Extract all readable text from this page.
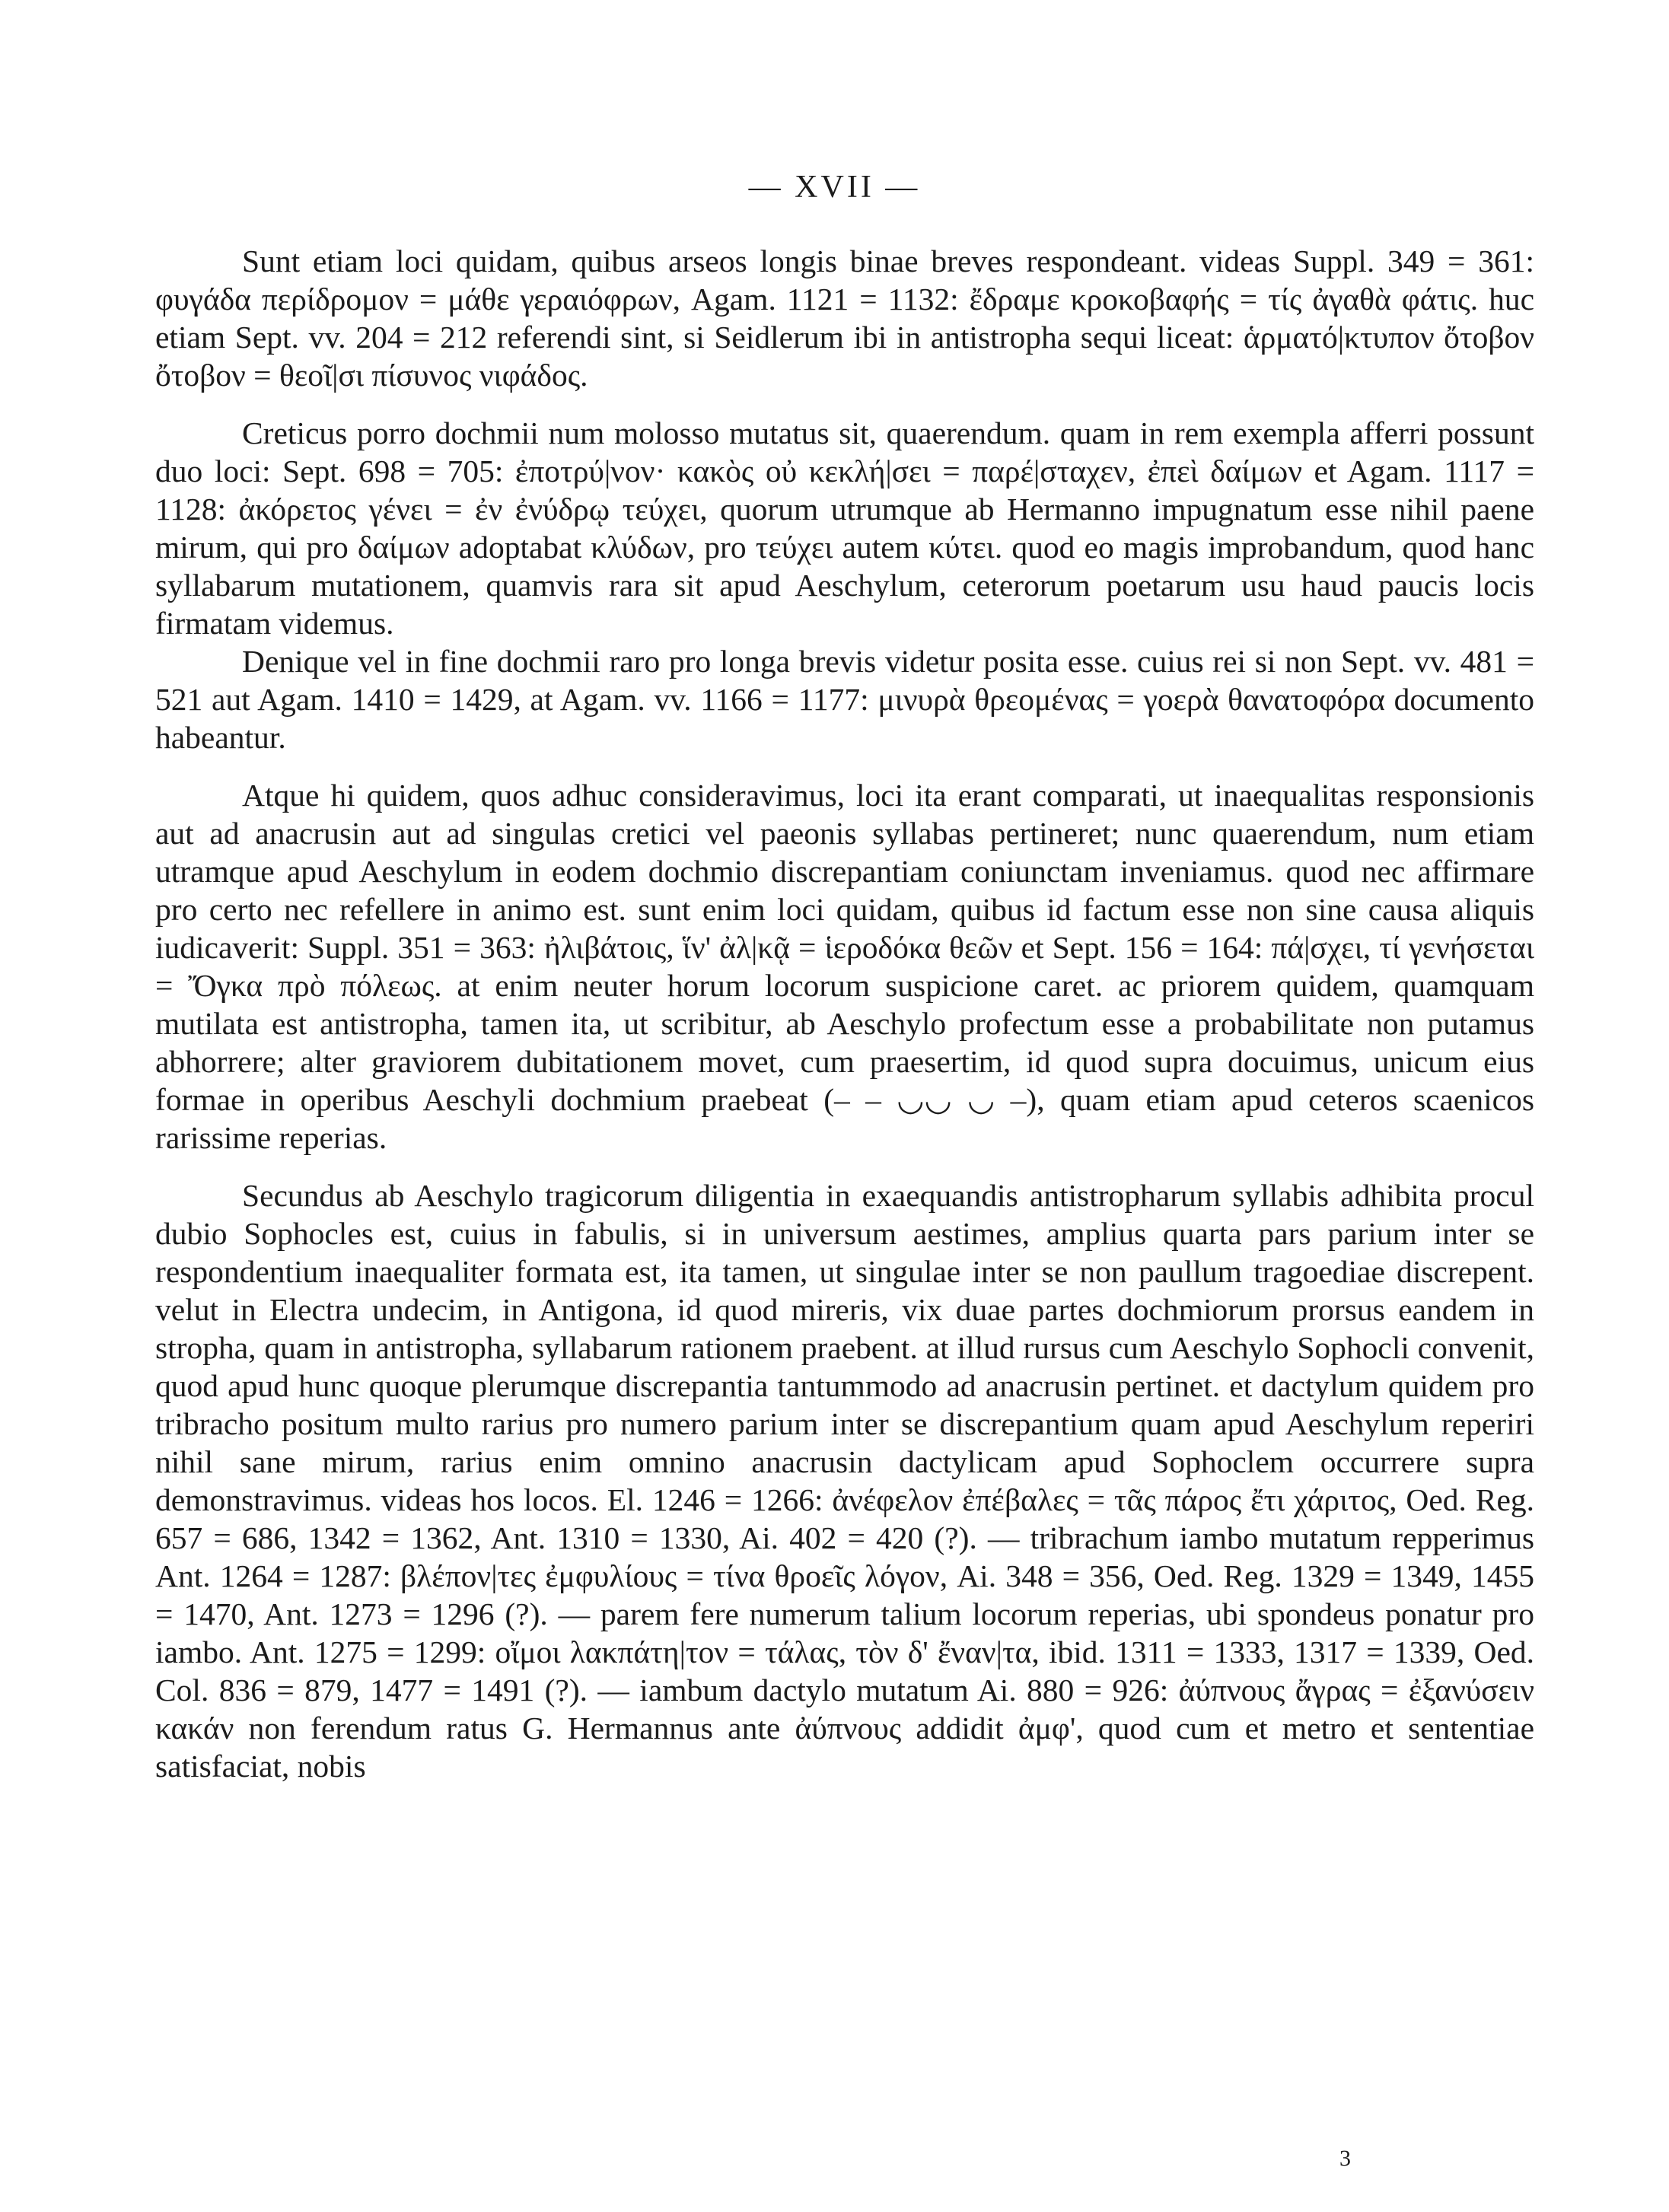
— XVII —

Sunt etiam loci quidam, quibus arseos longis binae breves respondeant. videas Suppl. 349 = 361: φυγάδα περίδρομον = μάθε γεραιόφρων, Agam. 1121 = 1132: ἔδραμε κροκοβαφής = τίς ἀγαθὰ φάτις. huc etiam Sept. vv. 204 = 212 referendi sint, si Seidlerum ibi in antistropha sequi liceat: ἁρματό|κτυπον ὄτοβον ὄτοβον = θεοῖ|σι πίσυνος νιφάδος.

Creticus porro dochmii num molosso mutatus sit, quaerendum. quam in rem exempla afferri possunt duo loci: Sept. 698 = 705: ἐποτρύ|νον· κακὸς οὐ κεκλή|σει = παρέ|σταχεν, ἐπεὶ δαίμων et Agam. 1117 = 1128: ἀκόρετος γένει = ἐν ἐνύδρῳ τεύχει, quorum utrumque ab Hermanno impugnatum esse nihil paene mirum, qui pro δαίμων adoptabat κλύδων, pro τεύχει autem κύτει. quod eo magis improbandum, quod hanc syllabarum mutationem, quamvis rara sit apud Aeschylum, ceterorum poetarum usu haud paucis locis firmatam videmus.

Denique vel in fine dochmii raro pro longa brevis videtur posita esse. cuius rei si non Sept. vv. 481 = 521 aut Agam. 1410 = 1429, at Agam. vv. 1166 = 1177: μινυρὰ θρεομένας = γοερὰ θανατοφόρα documento habeantur.

Atque hi quidem, quos adhuc consideravimus, loci ita erant comparati, ut inaequalitas responsionis aut ad anacrusin aut ad singulas cretici vel paeonis syllabas pertineret; nunc quaerendum, num etiam utramque apud Aeschylum in eodem dochmio discrepantiam coniunctam inveniamus. quod nec affirmare pro certo nec refellere in animo est. sunt enim loci quidam, quibus id factum esse non sine causa aliquis iudicaverit: Suppl. 351 = 363: ἠλιβάτοις, ἵν' ἀλ|κᾷ = ἱεροδόκα θεῶν et Sept. 156 = 164: πά|σχει, τί γενήσεται = Ὄγκα πρὸ πόλεως. at enim neuter horum locorum suspicione caret. ac priorem quidem, quamquam mutilata est antistropha, tamen ita, ut scribitur, ab Aeschylo profectum esse a probabilitate non putamus abhorrere; alter graviorem dubitationem movet, cum praesertim, id quod supra docuimus, unicum eius formae in operibus Aeschyli dochmium praebeat (– – ◡◡ ◡ –), quam etiam apud ceteros scaenicos rarissime reperias.

Secundus ab Aeschylo tragicorum diligentia in exaequandis antistropharum syllabis adhibita procul dubio Sophocles est, cuius in fabulis, si in universum aestimes, amplius quarta pars parium inter se respondentium inaequaliter formata est, ita tamen, ut singulae inter se non paullum tragoediae discrepent. velut in Electra undecim, in Antigona, id quod mireris, vix duae partes dochmiorum prorsus eandem in stropha, quam in antistropha, syllabarum rationem praebent. at illud rursus cum Aeschylo Sophocli convenit, quod apud hunc quoque plerumque discrepantia tantummodo ad anacrusin pertinet. et dactylum quidem pro tribracho positum multo rarius pro numero parium inter se discrepantium quam apud Aeschylum reperiri nihil sane mirum, rarius enim omnino anacrusin dactylicam apud Sophoclem occurrere supra demonstravimus. videas hos locos. El. 1246 = 1266: ἀνέφελον ἐπέβαλες = τᾶς πάρος ἔτι χάριτος, Oed. Reg. 657 = 686, 1342 = 1362, Ant. 1310 = 1330, Ai. 402 = 420 (?). — tribrachum iambo mutatum repperimus Ant. 1264 = 1287: βλέπον|τες ἐμφυλίους = τίνα θροεῖς λόγον, Ai. 348 = 356, Oed. Reg. 1329 = 1349, 1455 = 1470, Ant. 1273 = 1296 (?). — parem fere numerum talium locorum reperias, ubi spondeus ponatur pro iambo. Ant. 1275 = 1299: οἴμοι λακπάτη|τον = τάλας, τὸν δ' ἔναν|τα, ibid. 1311 = 1333, 1317 = 1339, Oed. Col. 836 = 879, 1477 = 1491 (?). — iambum dactylo mutatum Ai. 880 = 926: ἀύπνους ἄγρας = ἐξανύσειν κακάν non ferendum ratus G. Hermannus ante ἀύπνους addidit ἀμφ', quod cum et metro et sententiae satisfaciat, nobis

3
